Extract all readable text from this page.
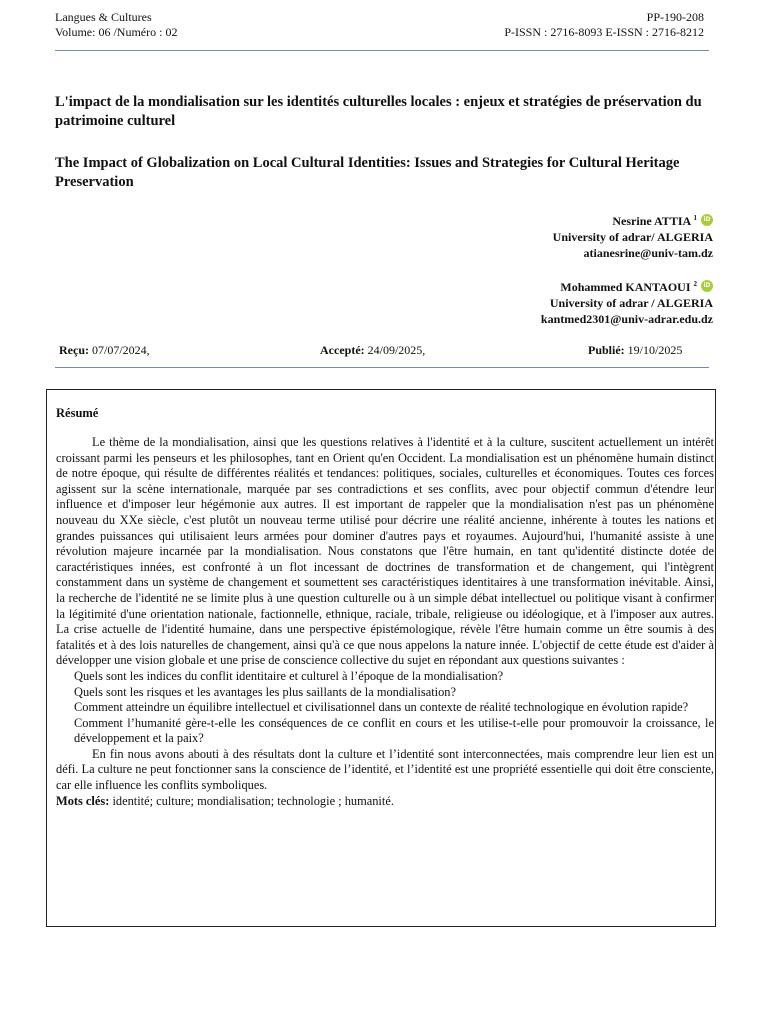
Langues & Cultures
Volume: 06 /Numéro : 02
PP-190-208
P-ISSN : 2716-8093 E-ISSN : 2716-8212
L'impact de la mondialisation sur les identités culturelles locales : enjeux et stratégies de préservation du patrimoine culturel
The Impact of Globalization on Local Cultural Identities: Issues and Strategies for Cultural Heritage Preservation
Nesrine ATTIA $^1$ iD
University of adrar/ ALGERIA
atianesrine@univ-tam.dz
Mohammed KANTAOUI $^2$ iD
University of adrar / ALGERIA
kantmed2301@univ-adrar.edu.dz
Reçu: 07/07/2024,	Accepté: 24/09/2025,	Publié: 19/10/2025
Résumé

Le thème de la mondialisation, ainsi que les questions relatives à l'identité et à la culture, suscitent actuellement un intérêt croissant parmi les penseurs et les philosophes, tant en Orient qu'en Occident. La mondialisation est un phénomène humain distinct de notre époque, qui résulte de différentes réalités et tendances: politiques, sociales, culturelles et économiques. Toutes ces forces agissent sur la scène internationale, marquée par ses contradictions et ses conflits, avec pour objectif commun d'étendre leur influence et d'imposer leur hégémonie aux autres. Il est important de rappeler que la mondialisation n'est pas un phénomène nouveau du XXe siècle, c'est plutôt un nouveau terme utilisé pour décrire une réalité ancienne, inhérente à toutes les nations et grandes puissances qui utilisaient leurs armées pour dominer d'autres pays et royaumes. Aujourd'hui, l'humanité assiste à une révolution majeure incarnée par la mondialisation. Nous constatons que l'être humain, en tant qu'identité distincte dotée de caractéristiques innées, est confronté à un flot incessant de doctrines de transformation et de changement, qui l'intègrent constamment dans un système de changement et soumettent ses caractéristiques identitaires à une transformation inévitable. Ainsi, la recherche de l'identité ne se limite plus à une question culturelle ou à un simple débat intellectuel ou politique visant à confirmer la légitimité d'une orientation nationale, factionnelle, ethnique, raciale, tribale, religieuse ou idéologique, et à l'imposer aux autres. La crise actuelle de l'identité humaine, dans une perspective épistémologique, révèle l'être humain comme un être soumis à des fatalités et à des lois naturelles de changement, ainsi qu'à ce que nous appelons la nature innée. L'objectif de cette étude est d'aider à développer une vision globale et une prise de conscience collective du sujet en répondant aux questions suivantes :

Quels sont les indices du conflit identitaire et culturel à l’époque de la mondialisation?

Quels sont les risques et les avantages les plus saillants de la mondialisation?

Comment atteindre un équilibre intellectuel et civilisationnel dans un contexte de réalité technologique en évolution rapide?

Comment l’humanité gère-t-elle les conséquences de ce conflit en cours et les utilise-t-elle pour promouvoir la croissance, le développement et la paix?

En fin nous avons abouti à des résultats dont la culture et l’identité sont interconnectées, mais comprendre leur lien est un défi. La culture ne peut fonctionner sans la conscience de l’identité, et l’identité est une propriété essentielle qui doit être consciente, car elle influence les conflits symboliques.

Mots clés: identité; culture; mondialisation; technologie ; humanité.
